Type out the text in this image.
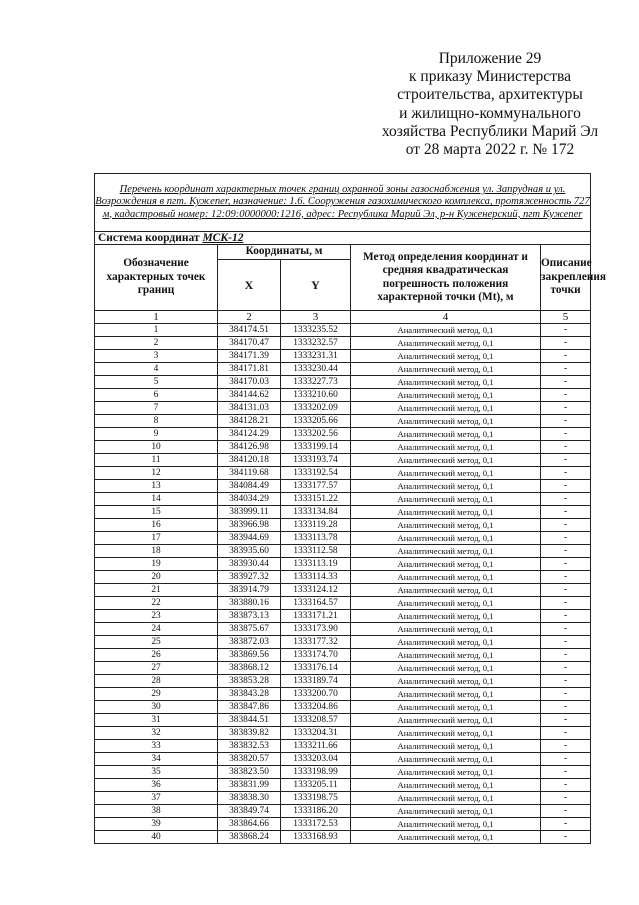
Приложение 29
к приказу Министерства
строительства, архитектуры
и жилищно-коммунального
хозяйства Республики Марий Эл
от 28 марта 2022 г. № 172
Перечень координат характерных точек границ охранной зоны газоснабжения ул. Запрудная и ул. Возрождения в пгт. Кужener, назначение: 1.6. Сооружения газохимического комплекса, протяженность 727 м, кадастровый номер: 12:09:0000000:1216, адрес: Республика Марий Эл, р-н Куженерский, пгт Кужener				
Система координат МСК-12				
Обозначение характерных точек границ	Координаты, м		Метод определения координат и средняя квадратическая погрешность положения характерной точки (Мt), м	Описание закрепления точки
	X	Y		
1	2	3	4	5
1	384174.51	1333235.52	Аналитический метод, 0,1	-
2	384170.47	1333232.57	Аналитический метод, 0,1	-
3	384171.39	1333231.31	Аналитический метод, 0,1	-
4	384171.81	1333230.44	Аналитический метод, 0,1	-
5	384170.03	1333227.73	Аналитический метод, 0,1	-
6	384144.62	1333210.60	Аналитический метод, 0,1	-
7	384131.03	1333202.09	Аналитический метод, 0,1	-
8	384128.21	1333205.66	Аналитический метод, 0,1	-
9	384124.29	1333202.56	Аналитический метод, 0,1	-
10	384126.98	1333199.14	Аналитический метод, 0,1	-
11	384120.18	1333193.74	Аналитический метод, 0,1	-
12	384119.68	1333192.54	Аналитический метод, 0,1	-
13	384084.49	1333177.57	Аналитический метод, 0,1	-
14	384034.29	1333151.22	Аналитический метод, 0,1	-
15	383999.11	1333134.84	Аналитический метод, 0,1	-
16	383966.98	1333119.28	Аналитический метод, 0,1	-
17	383944.69	1333113.78	Аналитический метод, 0,1	-
18	383935.60	1333112.58	Аналитический метод, 0,1	-
19	383930.44	1333113.19	Аналитический метод, 0,1	-
20	383927.32	1333114.33	Аналитический метод, 0,1	-
21	383914.79	1333124.12	Аналитический метод, 0,1	-
22	383880.16	1333164.57	Аналитический метод, 0,1	-
23	383873.13	1333171.21	Аналитический метод, 0,1	-
24	383875.67	1333173.90	Аналитический метод, 0,1	-
25	383872.03	1333177.32	Аналитический метод, 0,1	-
26	383869.56	1333174.70	Аналитический метод, 0,1	-
27	383868.12	1333176.14	Аналитический метод, 0,1	-
28	383853.28	1333189.74	Аналитический метод, 0,1	-
29	383843.28	1333200.70	Аналитический метод, 0,1	-
30	383847.86	1333204.86	Аналитический метод, 0,1	-
31	383844.51	1333208.57	Аналитический метод, 0,1	-
32	383839.82	1333204.31	Аналитический метод, 0,1	-
33	383832.53	1333211.66	Аналитический метод, 0,1	-
34	383820.57	1333203.04	Аналитический метод, 0,1	-
35	383823.50	1333198.99	Аналитический метод, 0,1	-
36	383831.99	1333205.11	Аналитический метод, 0,1	-
37	383838.30	1333198.75	Аналитический метод, 0,1	-
38	383849.74	1333186.20	Аналитический метод, 0,1	-
39	383864.66	1333172.53	Аналитический метод, 0,1	-
40	383868.24	1333168.93	Аналитический метод, 0,1	-
